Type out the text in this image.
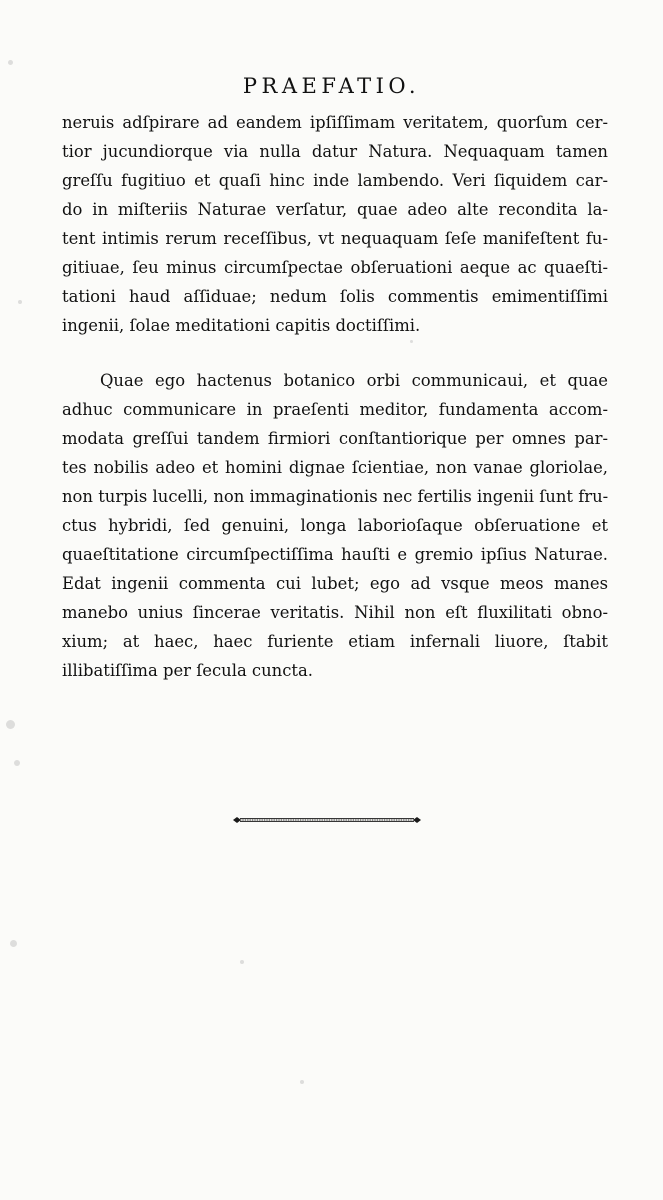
PRAEFATIO.

neruis adſpirare ad eandem ipſiſſimam veritatem, quorſum cer-
tior jucundiorque via nulla datur Natura. Nequaquam tamen
greſſu fugitiuo et quaſi hinc inde lambendo. Veri ſiquidem car-
do in miſteriis Naturae verſatur, quae adeo alte recondita la-
tent intimis rerum receſſibus, vt nequaquam ſeſe manifeſtent fu-
gitiuae, ſeu minus circumſpectae obſeruationi aeque ac quaeſti-
tationi haud aſſiduae; nedum ſolis commentis emimentiſſimi
ingenii, ſolae meditationi capitis doctiſſimi.

Quae ego hactenus botanico orbi communicaui, et quae
adhuc communicare in praeſenti meditor, fundamenta accom-
modata greſſui tandem firmiori conſtantiorique per omnes par-
tes nobilis adeo et homini dignae ſcientiae, non vanae gloriolae,
non turpis lucelli, non immaginationis nec fertilis ingenii ſunt fru-
ctus hybridi, ſed genuini, longa laborioſaque obſeruatione et
quaeſtitatione circumſpectiſſima hauſti e gremio ipſius Naturae.
Edat ingenii commenta cui lubet; ego ad vsque meos manes
manebo unius ſincerae veritatis. Nihil non eſt fluxilitati obno-
xium; at haec, haec furiente etiam infernali liuore, ſtabit
illibatiſſima per ſecula cuncta.
